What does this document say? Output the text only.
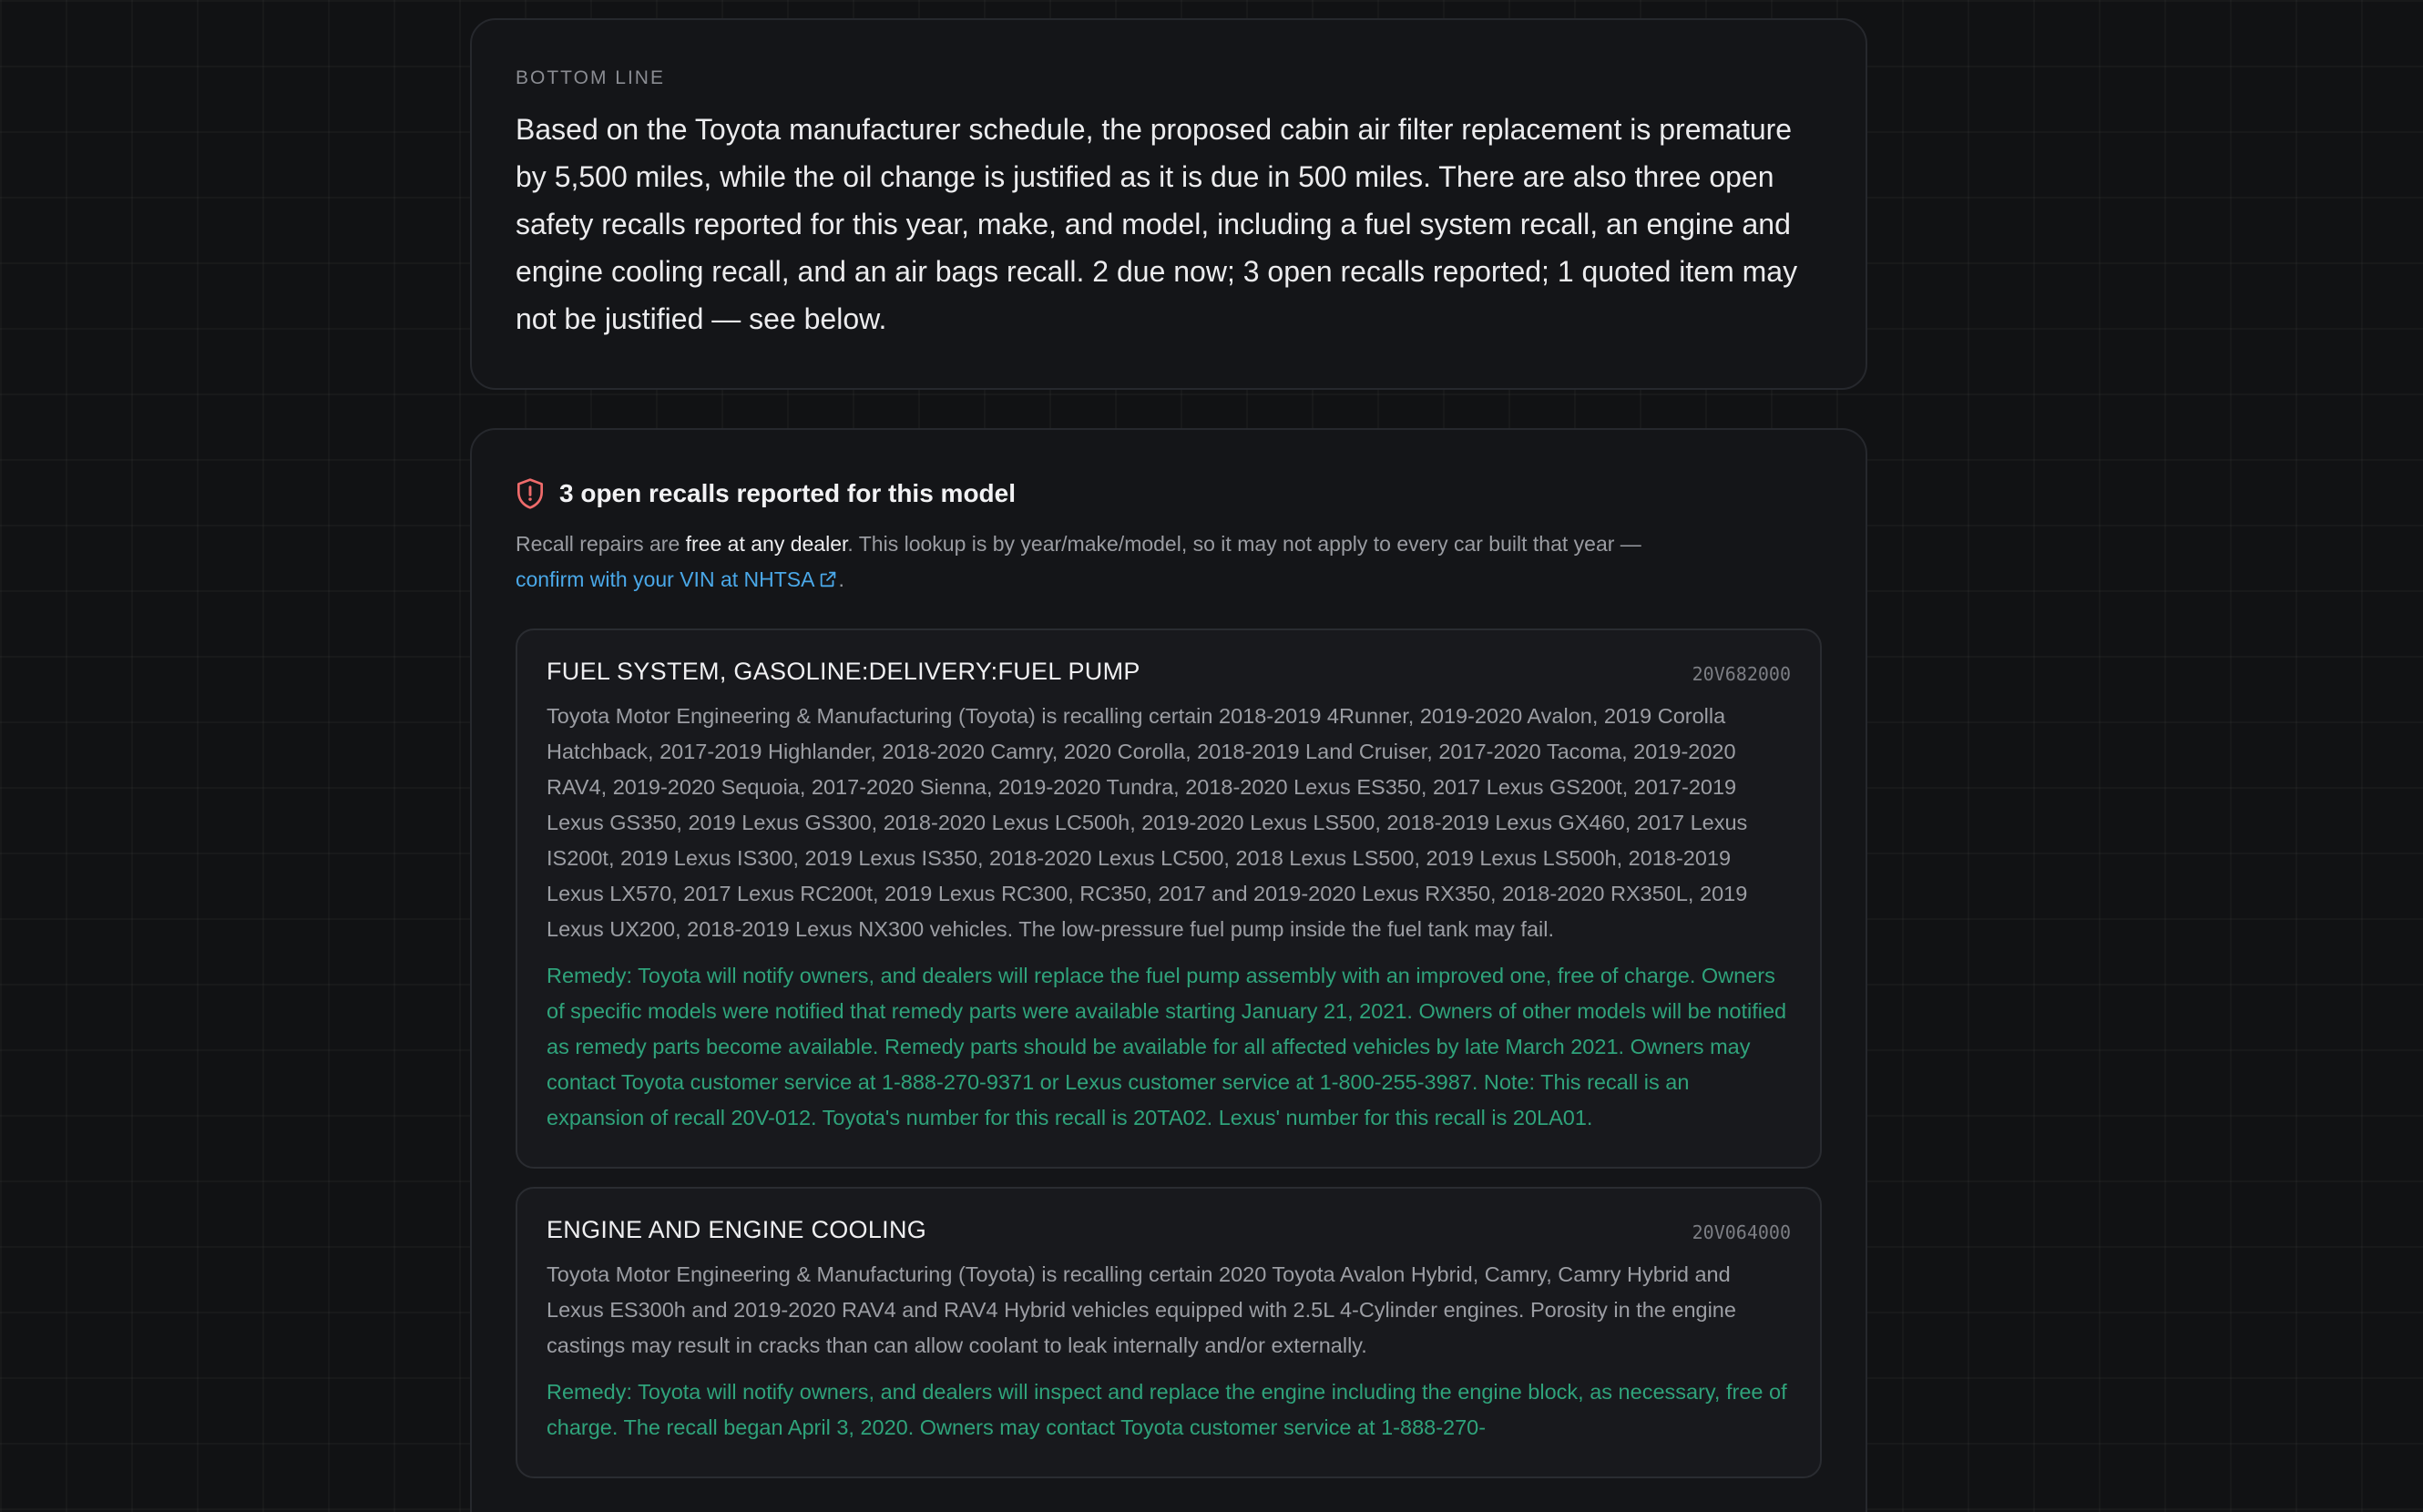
BOTTOM LINE

Based on the Toyota manufacturer schedule, the proposed cabin air filter replacement is premature by 5,500 miles, while the oil change is justified as it is due in 500 miles. There are also three open safety recalls reported for this year, make, and model, including a fuel system recall, an engine and engine cooling recall, and an air bags recall. 2 due now; 3 open recalls reported; 1 quoted item may not be justified — see below.

3 open recalls reported for this model

Recall repairs are free at any dealer. This lookup is by year/make/model, so it may not apply to every car built that year —
confirm with your VIN at NHTSA .

FUEL SYSTEM, GASOLINE:DELIVERY:FUEL PUMP	20V682000

Toyota Motor Engineering & Manufacturing (Toyota) is recalling certain 2018-2019 4Runner, 2019-2020 Avalon, 2019 Corolla Hatchback, 2017-2019 Highlander, 2018-2020 Camry, 2020 Corolla, 2018-2019 Land Cruiser, 2017-2020 Tacoma, 2019-2020 RAV4, 2019-2020 Sequoia, 2017-2020 Sienna, 2019-2020 Tundra, 2018-2020 Lexus ES350, 2017 Lexus GS200t, 2017-2019 Lexus GS350, 2019 Lexus GS300, 2018-2020 Lexus LC500h, 2019-2020 Lexus LS500, 2018-2019 Lexus GX460, 2017 Lexus IS200t, 2019 Lexus IS300, 2019 Lexus IS350, 2018-2020 Lexus LC500, 2018 Lexus LS500, 2019 Lexus LS500h, 2018-2019 Lexus LX570, 2017 Lexus RC200t, 2019 Lexus RC300, RC350, 2017 and 2019-2020 Lexus RX350, 2018-2020 RX350L, 2019 Lexus UX200, 2018-2019 Lexus NX300 vehicles. The low-pressure fuel pump inside the fuel tank may fail.

Remedy: Toyota will notify owners, and dealers will replace the fuel pump assembly with an improved one, free of charge. Owners of specific models were notified that remedy parts were available starting January 21, 2021. Owners of other models will be notified as remedy parts become available. Remedy parts should be available for all affected vehicles by late March 2021. Owners may contact Toyota customer service at 1-888-270-9371 or Lexus customer service at 1-800-255-3987. Note: This recall is an expansion of recall 20V-012. Toyota's number for this recall is 20TA02. Lexus' number for this recall is 20LA01.

ENGINE AND ENGINE COOLING	20V064000

Toyota Motor Engineering & Manufacturing (Toyota) is recalling certain 2020 Toyota Avalon Hybrid, Camry, Camry Hybrid and Lexus ES300h and 2019-2020 RAV4 and RAV4 Hybrid vehicles equipped with 2.5L 4-Cylinder engines. Porosity in the engine castings may result in cracks than can allow coolant to leak internally and/or externally.

Remedy: Toyota will notify owners, and dealers will inspect and replace the engine including the engine block, as necessary, free of charge. The recall began April 3, 2020. Owners may contact Toyota customer service at 1-888-270-
